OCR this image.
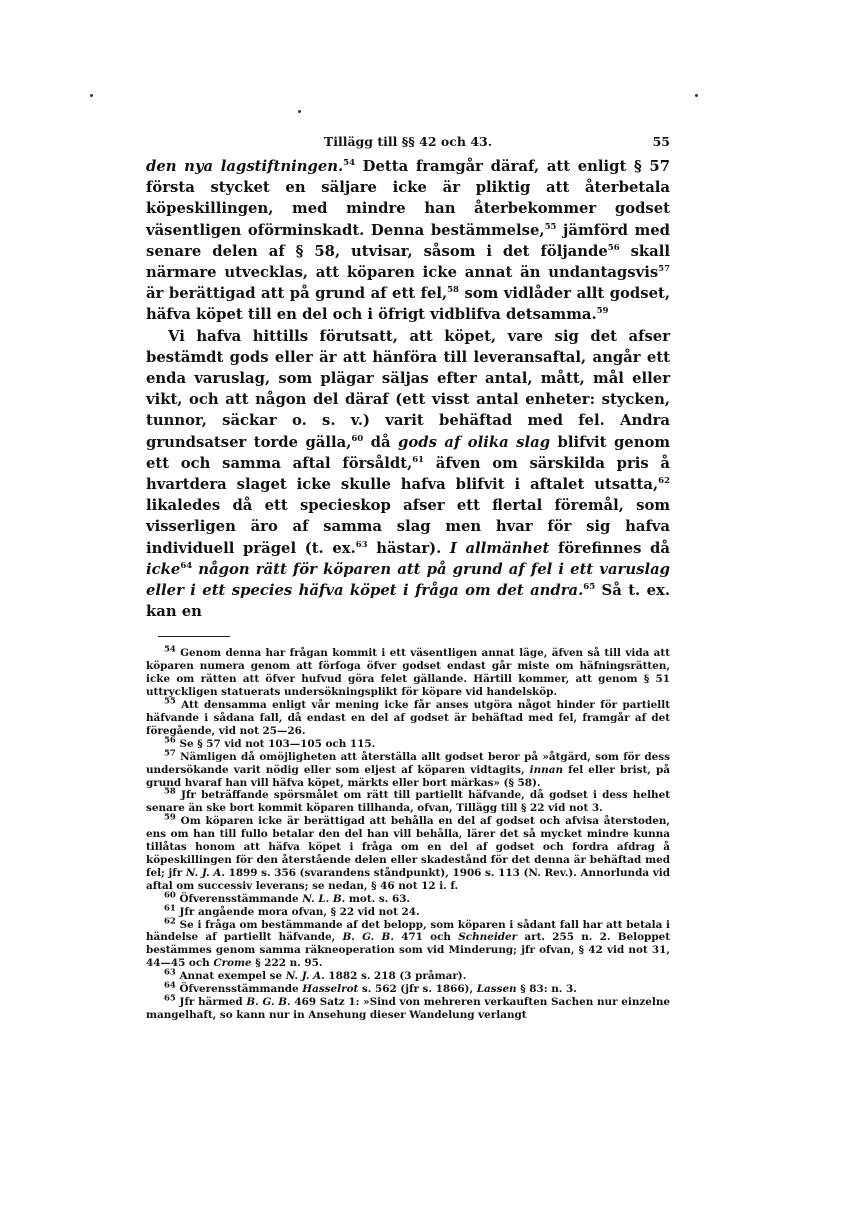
Tillägg till §§ 42 och 43.	55

den nya lagstiftningen.$^{54}$ Detta framgår däraf, att enligt § 57 första stycket en säljare icke är pliktig att återbetala köpeskillingen, med mindre han återbekommer godset väsentligen oförminskadt. Denna bestämmelse,$^{55}$ jämförd med senare delen af § 58, utvisar, såsom i det följande$^{56}$ skall närmare utvecklas, att köparen icke annat än undantagsvis$^{57}$ är berättigad att på grund af ett fel,$^{58}$ som vidlåder allt godset, häfva köpet till en del och i öfrigt vidblifva detsamma.$^{59}$

Vi hafva hittills förutsatt, att köpet, vare sig det afser bestämdt gods eller är att hänföra till leveransaftal, angår ett enda varuslag, som plägar säljas efter antal, mått, mål eller vikt, och att någon del däraf (ett visst antal enheter: stycken, tunnor, säckar o. s. v.) varit behäftad med fel. Andra grundsatser torde gälla,$^{60}$ då gods af olika slag blifvit genom ett och samma aftal försåldt,$^{61}$ äfven om särskilda pris å hvartdera slaget icke skulle hafva blifvit i aftalet utsatta,$^{62}$ likaledes då ett specieskop afser ett flertal föremål, som visserligen äro af samma slag men hvar för sig hafva individuell prägel (t. ex.$^{63}$ hästar). I allmänhet förefinnes då icke$^{64}$ någon rätt för köparen att på grund af fel i ett varuslag eller i ett species häfva köpet i fråga om det andra.$^{65}$ Så t. ex. kan en

$^{54}$ Genom denna har frågan kommit i ett väsentligen annat läge, äfven så till vida att köparen numera genom att förfoga öfver godset endast går miste om häfningsrätten, icke om rätten att öfver hufvud göra felet gällande. Härtill kommer, att genom § 51 uttryckligen statuerats undersökningsplikt för köpare vid handelsköp.

$^{55}$ Att densamma enligt vår mening icke får anses utgöra något hinder för partiellt häfvande i sådana fall, då endast en del af godset är behäftad med fel, framgår af det föregående, vid not 25—26.

$^{56}$ Se § 57 vid not 103—105 och 115.

$^{57}$ Nämligen då omöjligheten att återställa allt godset beror på »åtgärd, som för dess undersökande varit nödig eller som eljest af köparen vidtagits, innan fel eller brist, på grund hvaraf han vill häfva köpet, märkts eller bort märkas» (§ 58).

$^{58}$ Jfr beträffande spörsmålet om rätt till partiellt häfvande, då godset i dess helhet senare än ske bort kommit köparen tillhanda, ofvan, Tillägg till § 22 vid not 3.

$^{59}$ Om köparen icke är berättigad att behålla en del af godset och afvisa återstoden, ens om han till fullo betalar den del han vill behålla, lärer det så mycket mindre kunna tillåtas honom att häfva köpet i fråga om en del af godset och fordra afdrag å köpeskillingen för den återstående delen eller skadestånd för det denna är behäftad med fel; jfr N. J. A. 1899 s. 356 (svarandens ståndpunkt), 1906 s. 113 (N. Rev.). Annorlunda vid aftal om successiv leverans; se nedan, § 46 not 12 i. f.

$^{60}$ Öfverensstämmande N. L. B. mot. s. 63.

$^{61}$ Jfr angående mora ofvan, § 22 vid not 24.

$^{62}$ Se i fråga om bestämmande af det belopp, som köparen i sådant fall har att betala i händelse af partiellt häfvande, B. G. B. 471 och Schneider art. 255 n. 2. Beloppet bestämmes genom samma räkneoperation som vid Minderung; jfr ofvan, § 42 vid not 31, 44—45 och Crome § 222 n. 95.

$^{63}$ Annat exempel se N. J. A. 1882 s. 218 (3 pråmar).

$^{64}$ Öfverensstämmande Hasselrot s. 562 (jfr s. 1866), Lassen § 83: n. 3.

$^{65}$ Jfr härmed B. G. B. 469 Satz 1: »Sind von mehreren verkauften Sachen nur einzelne mangelhaft, so kann nur in Ansehung dieser Wandelung verlangt
